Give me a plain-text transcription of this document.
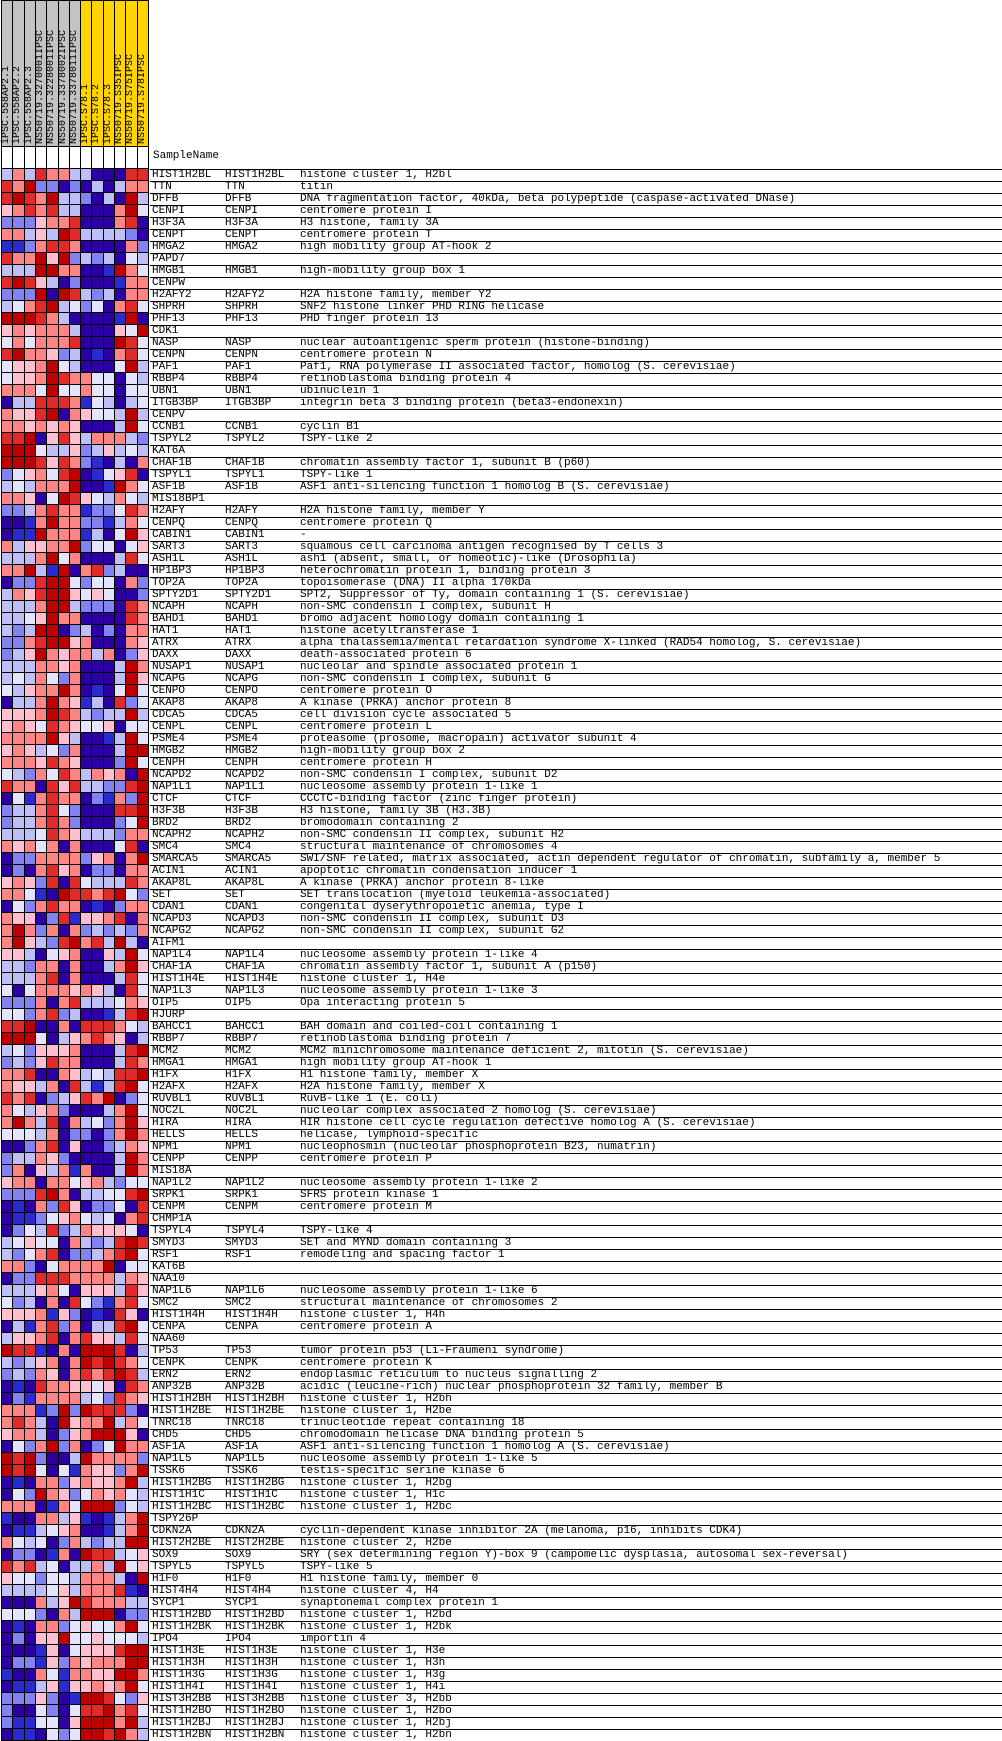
iPSC.558AP2.1 iPSC.558AP2.2 iPSC.558AP2.3 NS50719.3270001IPSC NS50719.3228001IPSC NS50719.3378002IPSC NS50719.3378011IPSC iPSC.S78.1 iPSC.S78.2 iPSC.S78.3 NS50719.S35IPSC NS50719.S75IPSC NS50719.S78IPSC
SampleName
HIST1H2BL	HIST1H2BL	histone cluster 1, H2bl
TTN	TTN	titin
DFFB	DFFB	DNA fragmentation factor, 40kDa, beta polypeptide (caspase-activated DNase)
CENPI	CENPI	centromere protein I
H3F3A	H3F3A	H3 histone, family 3A
CENPT	CENPT	centromere protein T
HMGA2	HMGA2	high mobility group AT-hook 2
PAPD7
HMGB1	HMGB1	high-mobility group box 1
CENPW
H2AFY2	H2AFY2	H2A histone family, member Y2
SHPRH	SHPRH	SNF2 histone linker PHD RING helicase
PHF13	PHF13	PHD finger protein 13
CDK1
NASP	NASP	nuclear autoantigenic sperm protein (histone-binding)
CENPN	CENPN	centromere protein N
PAF1	PAF1	Paf1, RNA polymerase II associated factor, homolog (S. cerevisiae)
RBBP4	RBBP4	retinoblastoma binding protein 4
UBN1	UBN1	ubinuclein 1
ITGB3BP	ITGB3BP	integrin beta 3 binding protein (beta3-endonexin)
CENPV
CCNB1	CCNB1	cyclin B1
TSPYL2	TSPYL2	TSPY-like 2
KAT6A
CHAF1B	CHAF1B	chromatin assembly factor 1, subunit B (p60)
TSPYL1	TSPYL1	TSPY-like 1
ASF1B	ASF1B	ASF1 anti-silencing function 1 homolog B (S. cerevisiae)
MIS18BP1
H2AFY	H2AFY	H2A histone family, member Y
CENPQ	CENPQ	centromere protein Q
CABIN1	CABIN1	-
SART3	SART3	squamous cell carcinoma antigen recognised by T cells 3
ASH1L	ASH1L	ash1 (absent, small, or homeotic)-like (Drosophila)
HP1BP3	HP1BP3	heterochromatin protein 1, binding protein 3
TOP2A	TOP2A	topoisomerase (DNA) II alpha 170kDa
SPTY2D1	SPTY2D1	SPT2, Suppressor of Ty, domain containing 1 (S. cerevisiae)
NCAPH	NCAPH	non-SMC condensin I complex, subunit H
BAHD1	BAHD1	bromo adjacent homology domain containing 1
HAT1	HAT1	histone acetyltransferase 1
ATRX	ATRX	alpha thalassemia/mental retardation syndrome X-linked (RAD54 homolog, S. cerevisiae)
DAXX	DAXX	death-associated protein 6
NUSAP1	NUSAP1	nucleolar and spindle associated protein 1
NCAPG	NCAPG	non-SMC condensin I complex, subunit G
CENPO	CENPO	centromere protein O
AKAP8	AKAP8	A kinase (PRKA) anchor protein 8
CDCA5	CDCA5	cell division cycle associated 5
CENPL	CENPL	centromere protein L
PSME4	PSME4	proteasome (prosome, macropain) activator subunit 4
HMGB2	HMGB2	high-mobility group box 2
CENPH	CENPH	centromere protein H
NCAPD2	NCAPD2	non-SMC condensin I complex, subunit D2
NAP1L1	NAP1L1	nucleosome assembly protein 1-like 1
CTCF	CTCF	CCCTC-binding factor (zinc finger protein)
H3F3B	H3F3B	H3 histone, family 3B (H3.3B)
BRD2	BRD2	bromodomain containing 2
NCAPH2	NCAPH2	non-SMC condensin II complex, subunit H2
SMC4	SMC4	structural maintenance of chromosomes 4
SMARCA5	SMARCA5	SWI/SNF related, matrix associated, actin dependent regulator of chromatin, subfamily a, member 5
ACIN1	ACIN1	apoptotic chromatin condensation inducer 1
AKAP8L	AKAP8L	A kinase (PRKA) anchor protein 8-like
SET	SET	SET translocation (myeloid leukemia-associated)
CDAN1	CDAN1	congenital dyserythropoietic anemia, type I
NCAPD3	NCAPD3	non-SMC condensin II complex, subunit D3
NCAPG2	NCAPG2	non-SMC condensin II complex, subunit G2
AIFM1
NAP1L4	NAP1L4	nucleosome assembly protein 1-like 4
CHAF1A	CHAF1A	chromatin assembly factor 1, subunit A (p150)
HIST1H4E	HIST1H4E	histone cluster 1, H4e
NAP1L3	NAP1L3	nucleosome assembly protein 1-like 3
OIP5	OIP5	Opa interacting protein 5
HJURP
BAHCC1	BAHCC1	BAH domain and coiled-coil containing 1
RBBP7	RBBP7	retinoblastoma binding protein 7
MCM2	MCM2	MCM2 minichromosome maintenance deficient 2, mitotin (S. cerevisiae)
HMGA1	HMGA1	high mobility group AT-hook 1
H1FX	H1FX	H1 histone family, member X
H2AFX	H2AFX	H2A histone family, member X
RUVBL1	RUVBL1	RuvB-like 1 (E. coli)
NOC2L	NOC2L	nucleolar complex associated 2 homolog (S. cerevisiae)
HIRA	HIRA	HIR histone cell cycle regulation defective homolog A (S. cerevisiae)
HELLS	HELLS	helicase, lymphoid-specific
NPM1	NPM1	nucleophosmin (nucleolar phosphoprotein B23, numatrin)
CENPP	CENPP	centromere protein P
MIS18A
NAP1L2	NAP1L2	nucleosome assembly protein 1-like 2
SRPK1	SRPK1	SFRS protein kinase 1
CENPM	CENPM	centromere protein M
CHMP1A
TSPYL4	TSPYL4	TSPY-like 4
SMYD3	SMYD3	SET and MYND domain containing 3
RSF1	RSF1	remodeling and spacing factor 1
KAT6B
NAA10
NAP1L6	NAP1L6	nucleosome assembly protein 1-like 6
SMC2	SMC2	structural maintenance of chromosomes 2
HIST1H4H	HIST1H4H	histone cluster 1, H4h
CENPA	CENPA	centromere protein A
NAA60
TP53	TP53	tumor protein p53 (Li-Fraumeni syndrome)
CENPK	CENPK	centromere protein K
ERN2	ERN2	endoplasmic reticulum to nucleus signalling 2
ANP32B	ANP32B	acidic (leucine-rich) nuclear phosphoprotein 32 family, member B
HIST1H2BH	HIST1H2BH	histone cluster 1, H2bh
HIST1H2BE	HIST1H2BE	histone cluster 1, H2be
TNRC18	TNRC18	trinucleotide repeat containing 18
CHD5	CHD5	chromodomain helicase DNA binding protein 5
ASF1A	ASF1A	ASF1 anti-silencing function 1 homolog A (S. cerevisiae)
NAP1L5	NAP1L5	nucleosome assembly protein 1-like 5
TSSK6	TSSK6	testis-specific serine kinase 6
HIST1H2BG	HIST1H2BG	histone cluster 1, H2bg
HIST1H1C	HIST1H1C	histone cluster 1, H1c
HIST1H2BC	HIST1H2BC	histone cluster 1, H2bc
TSPY26P
CDKN2A	CDKN2A	cyclin-dependent kinase inhibitor 2A (melanoma, p16, inhibits CDK4)
HIST2H2BE	HIST2H2BE	histone cluster 2, H2be
SOX9	SOX9	SRY (sex determining region Y)-box 9 (campomelic dysplasia, autosomal sex-reversal)
TSPYL5	TSPYL5	TSPY-like 5
H1F0	H1F0	H1 histone family, member 0
HIST4H4	HIST4H4	histone cluster 4, H4
SYCP1	SYCP1	synaptonemal complex protein 1
HIST1H2BD	HIST1H2BD	histone cluster 1, H2bd
HIST1H2BK	HIST1H2BK	histone cluster 1, H2bk
IPO4	IPO4	importin 4
HIST1H3E	HIST1H3E	histone cluster 1, H3e
HIST1H3H	HIST1H3H	histone cluster 1, H3h
HIST1H3G	HIST1H3G	histone cluster 1, H3g
HIST1H4I	HIST1H4I	histone cluster 1, H4i
HIST3H2BB	HIST3H2BB	histone cluster 3, H2bb
HIST1H2BO	HIST1H2BO	histone cluster 1, H2bo
HIST1H2BJ	HIST1H2BJ	histone cluster 1, H2bj
HIST1H2BN	HIST1H2BN	histone cluster 1, H2bn
